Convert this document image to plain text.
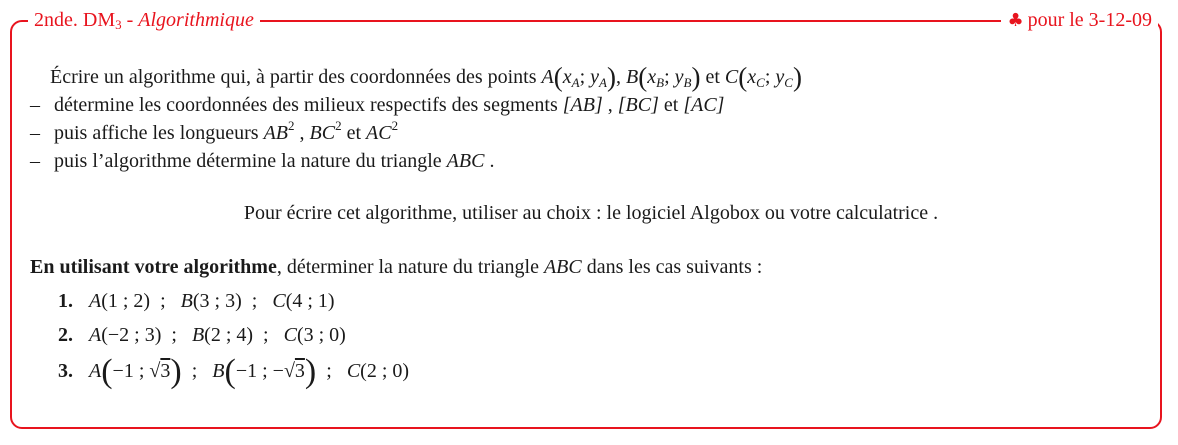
2nde. $DM_3$ - Algorithmique	♣ pour le 3-12-09
Écrire un algorithme qui, à partir des coordonnées des points $A(x_A$; $y_A$), $B(x_B$; $y_B$) et $C(x_C$; $y_C$)
– détermine les coordonnées des milieux respectifs des segments [AB] , [BC] et [AC]
– puis affiche les longueurs $AB^2$ , $BC^2$ et $AC^2$
– puis l’algorithme détermine la nature du triangle ABC .
Pour écrire cet algorithme, utiliser au choix : le logiciel Algobox ou votre calculatrice .
En utilisant votre algorithme, déterminer la nature du triangle ABC dans les cas suivants :
1. A(1 ; 2) ; B(3 ; 3) ; C(4 ; 1)
2. A(−2 ; 3) ; B(2 ; 4) ; C(3 ; 0)
3. A(−1 ; √3) ; B(−1 ; −√3) ; C(2 ; 0)
